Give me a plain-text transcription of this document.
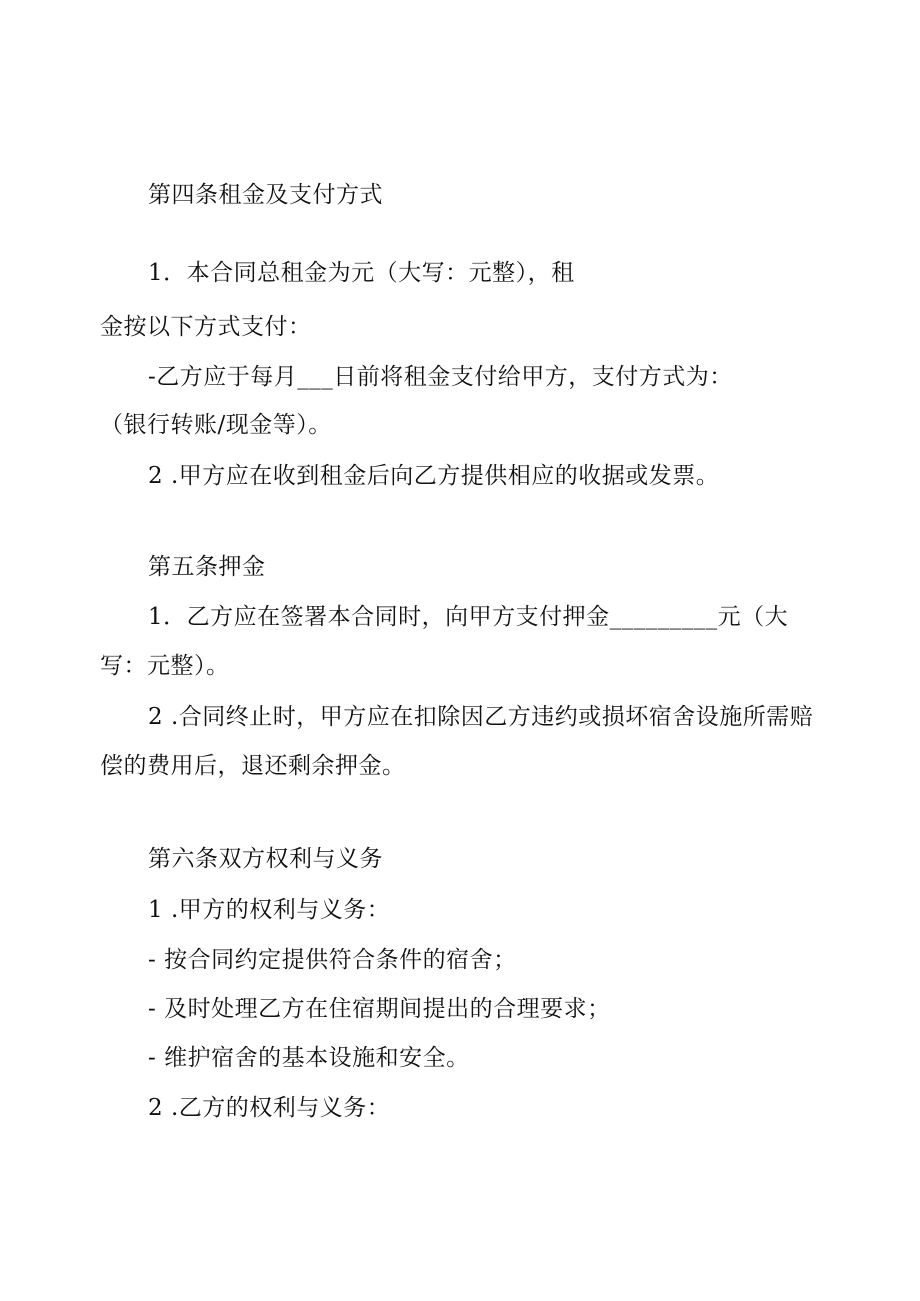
第四条租金及支付方式
1．本合同总租金为元（大写：元整），租
金按以下方式支付：
-乙方应于每月___日前将租金支付给甲方，支付方式为：
（银行转账/现金等）。
2 .甲方应在收到租金后向乙方提供相应的收据或发票。
第五条押金
1．乙方应在签署本合同时，向甲方支付押金_________元（大
写：元整）。
2 .合同终止时，甲方应在扣除因乙方违约或损坏宿舍设施所需赔
偿的费用后，退还剩余押金。
第六条双方权利与义务
1 .甲方的权利与义务：
- 按合同约定提供符合条件的宿舍；
- 及时处理乙方在住宿期间提出的合理要求；
- 维护宿舍的基本设施和安全。
2 .乙方的权利与义务：
